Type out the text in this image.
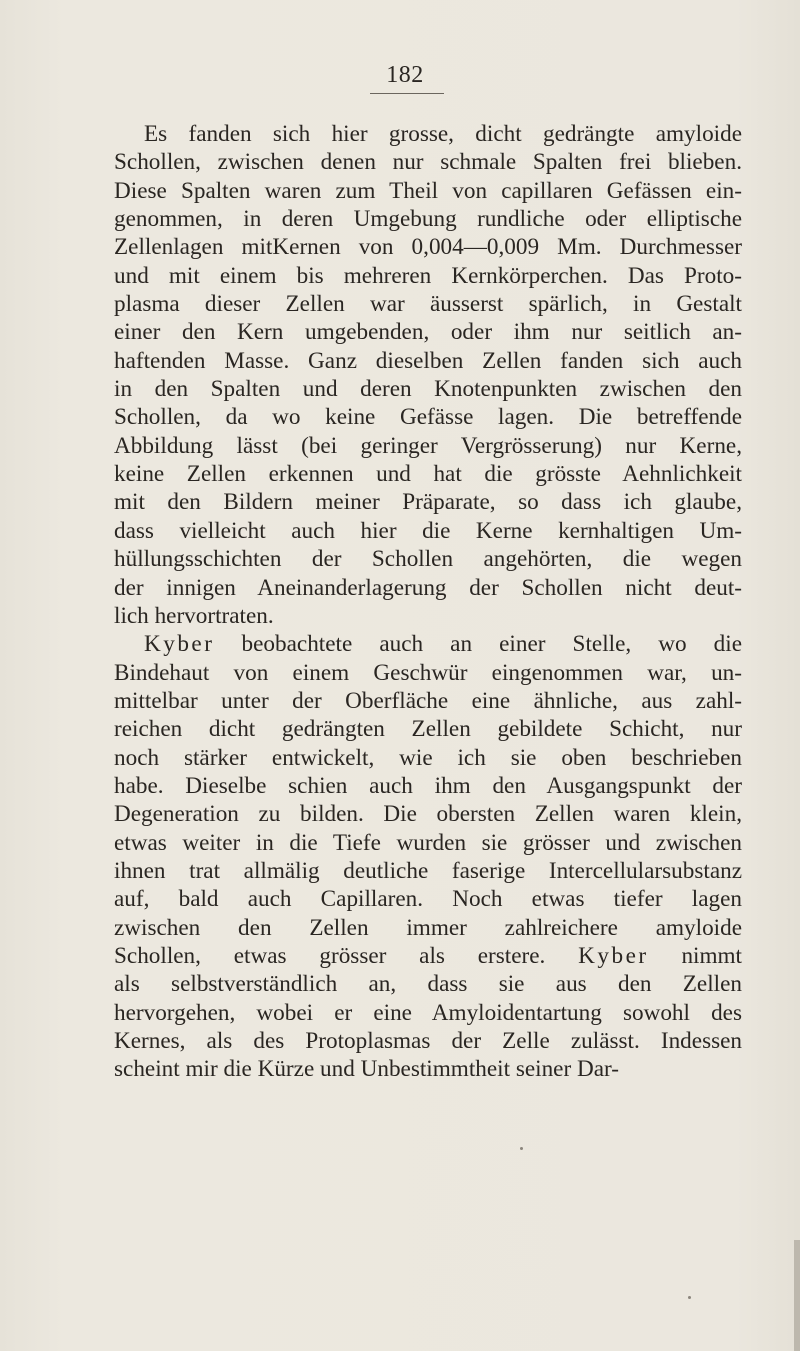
182
Es fanden sich hier grosse, dicht gedrängte amyloide
Schollen, zwischen denen nur schmale Spalten frei blieben.
Diese Spalten waren zum Theil von capillaren Gefässen ein-
genommen, in deren Umgebung rundliche oder elliptische
Zellenlagen mitKernen von 0,004—0,009 Mm. Durchmesser
und mit einem bis mehreren Kernkörperchen. Das Proto-
plasma dieser Zellen war äusserst spärlich, in Gestalt
einer den Kern umgebenden, oder ihm nur seitlich an-
haftenden Masse. Ganz dieselben Zellen fanden sich auch
in den Spalten und deren Knotenpunkten zwischen den
Schollen, da wo keine Gefässe lagen. Die betreffende
Abbildung lässt (bei geringer Vergrösserung) nur Kerne,
keine Zellen erkennen und hat die grösste Aehnlichkeit
mit den Bildern meiner Präparate, so dass ich glaube,
dass vielleicht auch hier die Kerne kernhaltigen Um-
hüllungsschichten der Schollen angehörten, die wegen
der innigen Aneinanderlagerung der Schollen nicht deut-
lich hervortraten.
Kyber beobachtete auch an einer Stelle, wo die
Bindehaut von einem Geschwür eingenommen war, un-
mittelbar unter der Oberfläche eine ähnliche, aus zahl-
reichen dicht gedrängten Zellen gebildete Schicht, nur
noch stärker entwickelt, wie ich sie oben beschrieben
habe. Dieselbe schien auch ihm den Ausgangspunkt der
Degeneration zu bilden. Die obersten Zellen waren klein,
etwas weiter in die Tiefe wurden sie grösser und zwischen
ihnen trat allmälig deutliche faserige Intercellularsubstanz
auf, bald auch Capillaren. Noch etwas tiefer lagen
zwischen den Zellen immer zahlreichere amyloide
Schollen, etwas grösser als erstere. Kyber nimmt
als selbstverständlich an, dass sie aus den Zellen
hervorgehen, wobei er eine Amyloidentartung sowohl des
Kernes, als des Protoplasmas der Zelle zulässt. Indessen
scheint mir die Kürze und Unbestimmtheit seiner Dar-
